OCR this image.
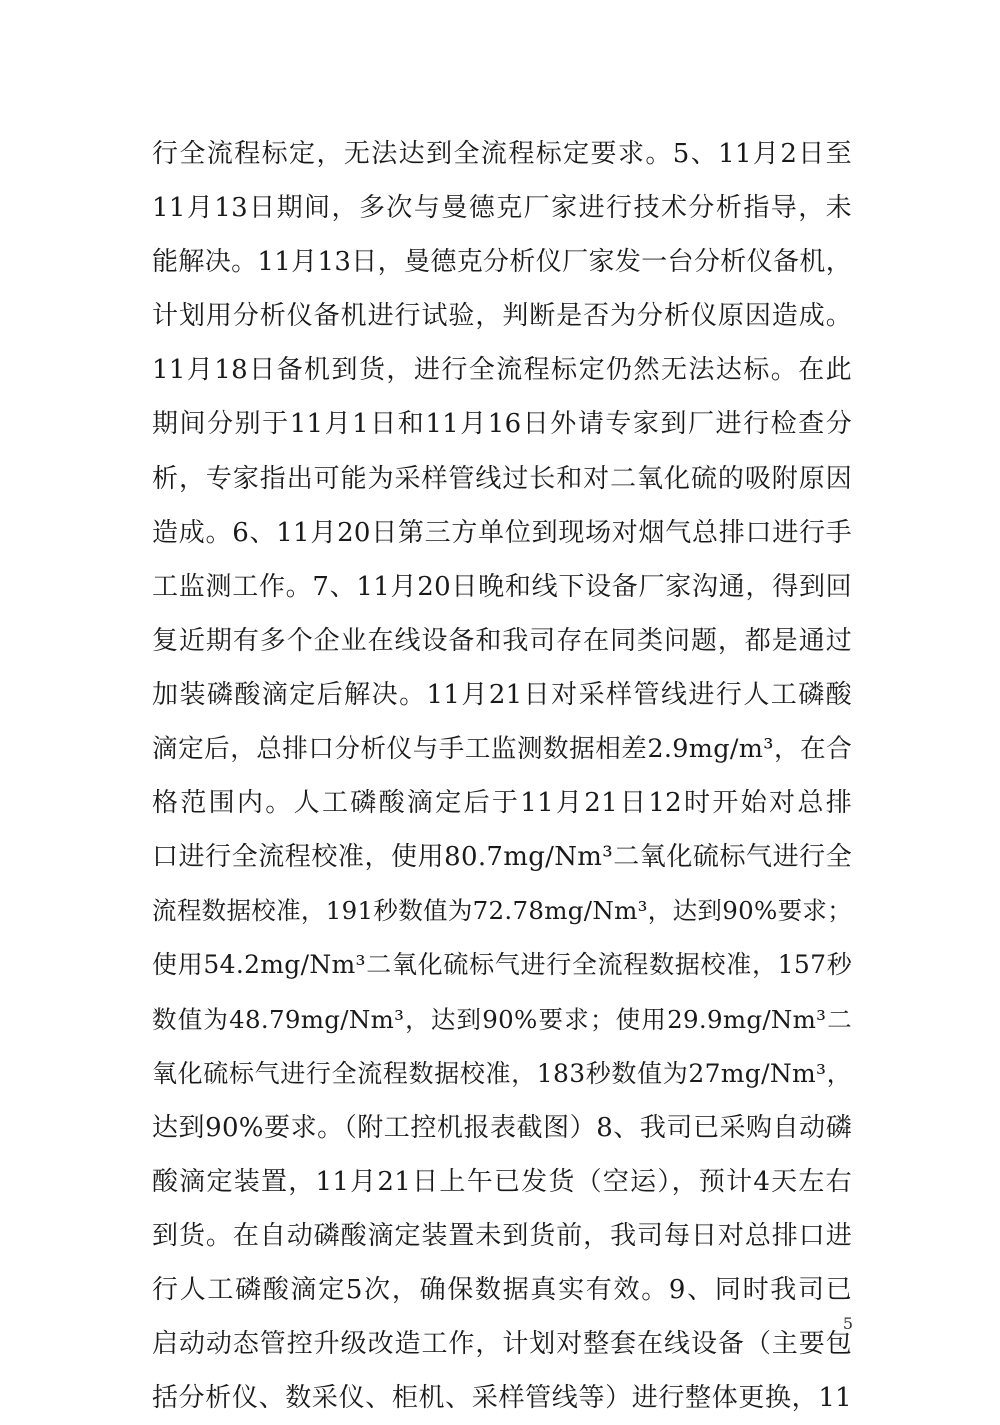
行全流程标定，无法达到全流程标定要求。5、11月2日至
11月13日期间，多次与曼德克厂家进行技术分析指导，未
能解决。11月13日，曼德克分析仪厂家发一台分析仪备机，
计划用分析仪备机进行试验，判断是否为分析仪原因造成。
11月18日备机到货，进行全流程标定仍然无法达标。在此
期间分别于11月1日和11月16日外请专家到厂进行检查分
析，专家指出可能为采样管线过长和对二氧化硫的吸附原因
造成。6、11月20日第三方单位到现场对烟气总排口进行手
工监测工作。7、11月20日晚和线下设备厂家沟通，得到回
复近期有多个企业在线设备和我司存在同类问题，都是通过
加装磷酸滴定后解决。11月21日对采样管线进行人工磷酸
滴定后，总排口分析仪与手工监测数据相差2.9mg/m³，在合
格范围内。人工磷酸滴定后于11月21日12时开始对总排
口进行全流程校准，使用80.7mg/Nm³二氧化硫标气进行全
流程数据校准，191秒数值为72.78mg/Nm³，达到90%要求；
使用54.2mg/Nm³二氧化硫标气进行全流程数据校准，157秒
数值为48.79mg/Nm³，达到90%要求；使用29.9mg/Nm³二
氧化硫标气进行全流程数据校准，183秒数值为27mg/Nm³，
达到90%要求。（附工控机报表截图）8、我司已采购自动磷
酸滴定装置，11月21日上午已发货（空运），预计4天左右
到货。在自动磷酸滴定装置未到货前，我司每日对总排口进
行人工磷酸滴定5次，确保数据真实有效。9、同时我司已
启动动态管控升级改造工作，计划对整套在线设备（主要包
括分析仪、数采仪、柜机、采样管线等）进行整体更换，11
5
